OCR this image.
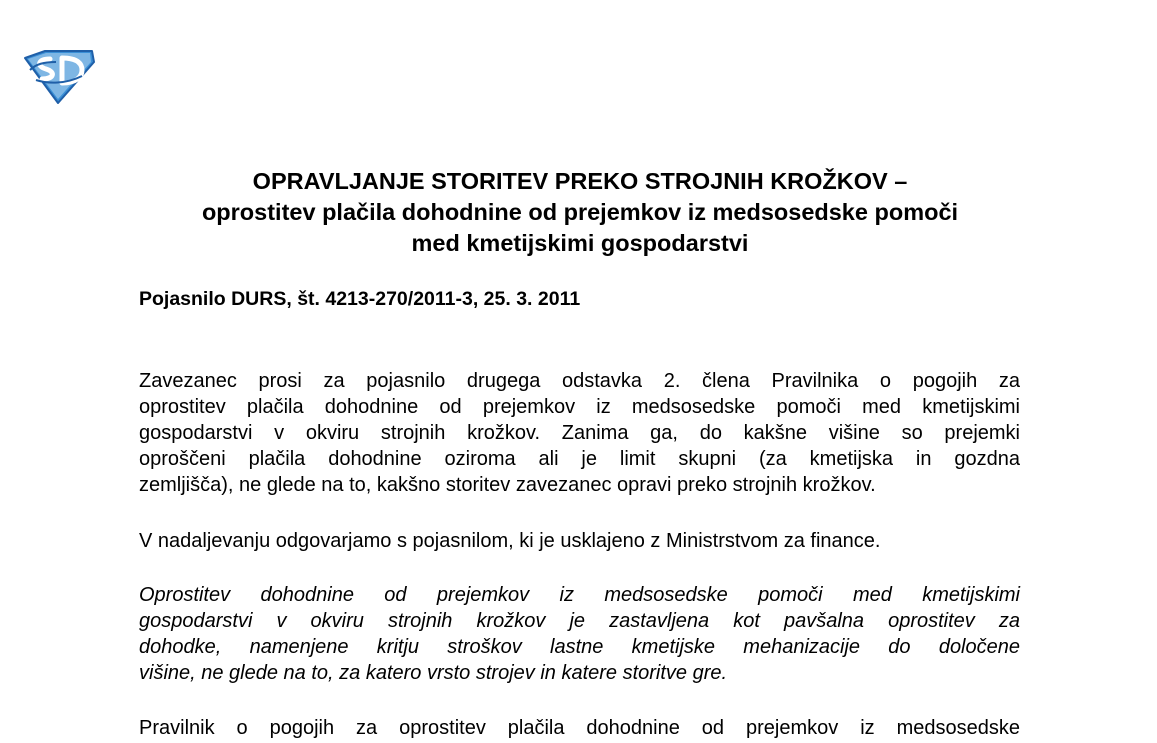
OPRAVLJANJE STORITEV PREKO STROJNIH KROŽKOV –
oprostitev plačila dohodnine od prejemkov iz medsosedske pomoči
med kmetijskimi gospodarstvi

Pojasnilo DURS, št. 4213-270/2011-3, 25. 3. 2011

Zavezanec prosi za pojasnilo drugega odstavka 2. člena Pravilnika o pogojih za
oprostitev plačila dohodnine od prejemkov iz medsosedske pomoči med kmetijskimi
gospodarstvi v okviru strojnih krožkov. Zanima ga, do kakšne višine so prejemki
oproščeni plačila dohodnine oziroma ali je limit skupni (za kmetijska in gozdna
zemljišča), ne glede na to, kakšno storitev zavezanec opravi preko strojnih krožkov.

V nadaljevanju odgovarjamo s pojasnilom, ki je usklajeno z Ministrstvom za finance.

Oprostitev dohodnine od prejemkov iz medsosedske pomoči med kmetijskimi
gospodarstvi v okviru strojnih krožkov je zastavljena kot pavšalna oprostitev za
dohodke, namenjene kritju stroškov lastne kmetijske mehanizacije do določene
višine, ne glede na to, za katero vrsto strojev in katere storitve gre.

Pravilnik o pogojih za oprostitev plačila dohodnine od prejemkov iz medsosedske
